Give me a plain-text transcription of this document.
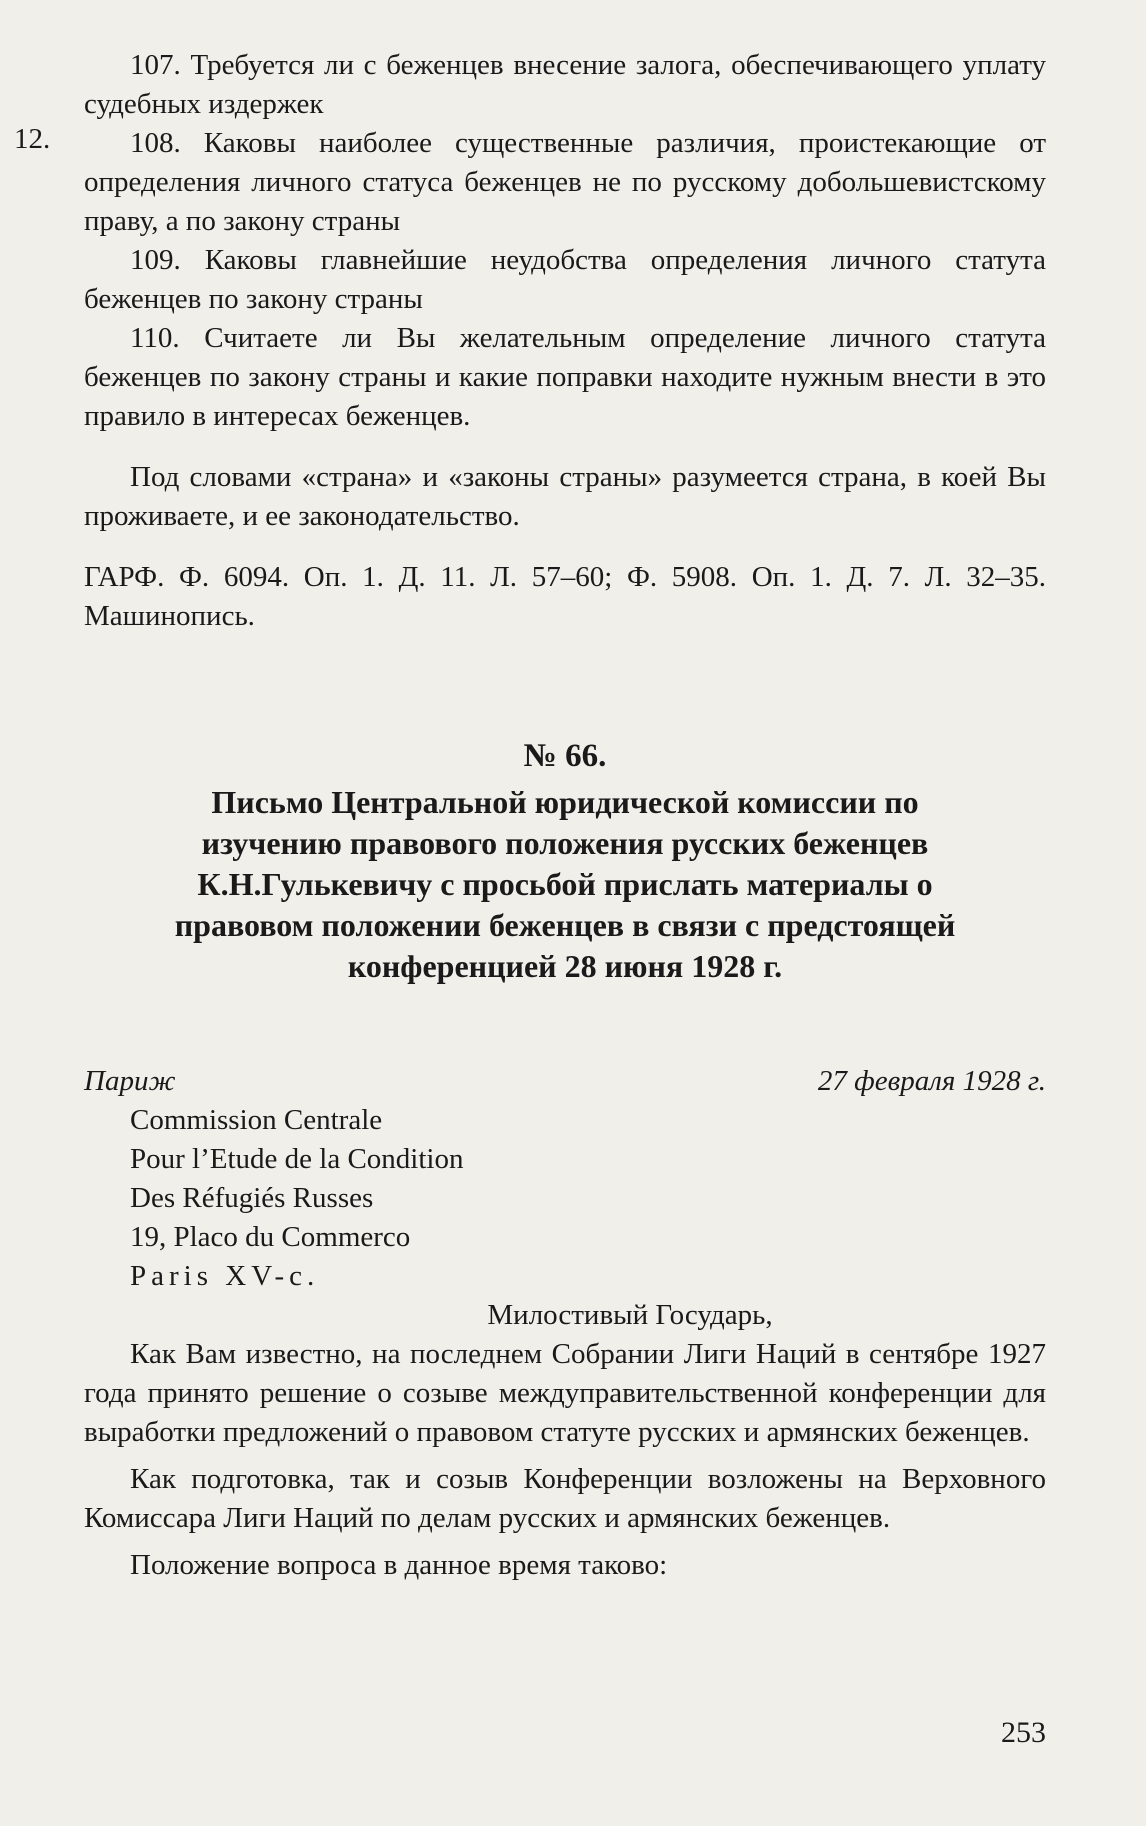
12.

107. Требуется ли с беженцев внесение залога, обеспечивающего уплату судебных издержек

108. Каковы наиболее существенные различия, проистекающие от определения личного статуса беженцев не по русскому добольшевистскому праву, а по закону страны

109. Каковы главнейшие неудобства определения личного статута беженцев по закону страны

110. Считаете ли Вы желательным определение личного статута беженцев по закону страны и какие поправки находите нужным внести в это правило в интересах беженцев.

Под словами «страна» и «законы страны» разумеется страна, в коей Вы проживаете, и ее законодательство.

ГАРФ. Ф. 6094. Оп. 1. Д. 11. Л. 57–60; Ф. 5908. Оп. 1. Д. 7. Л. 32–35. Машинопись.

№ 66.

Письмо Центральной юридической комиссии по изучению правового положения русских беженцев К.Н.Гулькевичу с просьбой прислать материалы о правовом положении беженцев в связи с предстоящей конференцией 28 июня 1928 г.

Париж	27 февраля 1928 г.

Commission Centrale

Pour l’Etude de la Condition

Des Réfugiés Russes

19, Placo du Commerco

Paris XV-c.

Милостивый Государь,

Как Вам известно, на последнем Собрании Лиги Наций в сентябре 1927 года принято решение о созыве междуправительственной конференции для выработки предложений о правовом статуте русских и армянских беженцев.

Как подготовка, так и созыв Конференции возложены на Верховного Комиссара Лиги Наций по делам русских и армянских беженцев.

Положение вопроса в данное время таково:

253
